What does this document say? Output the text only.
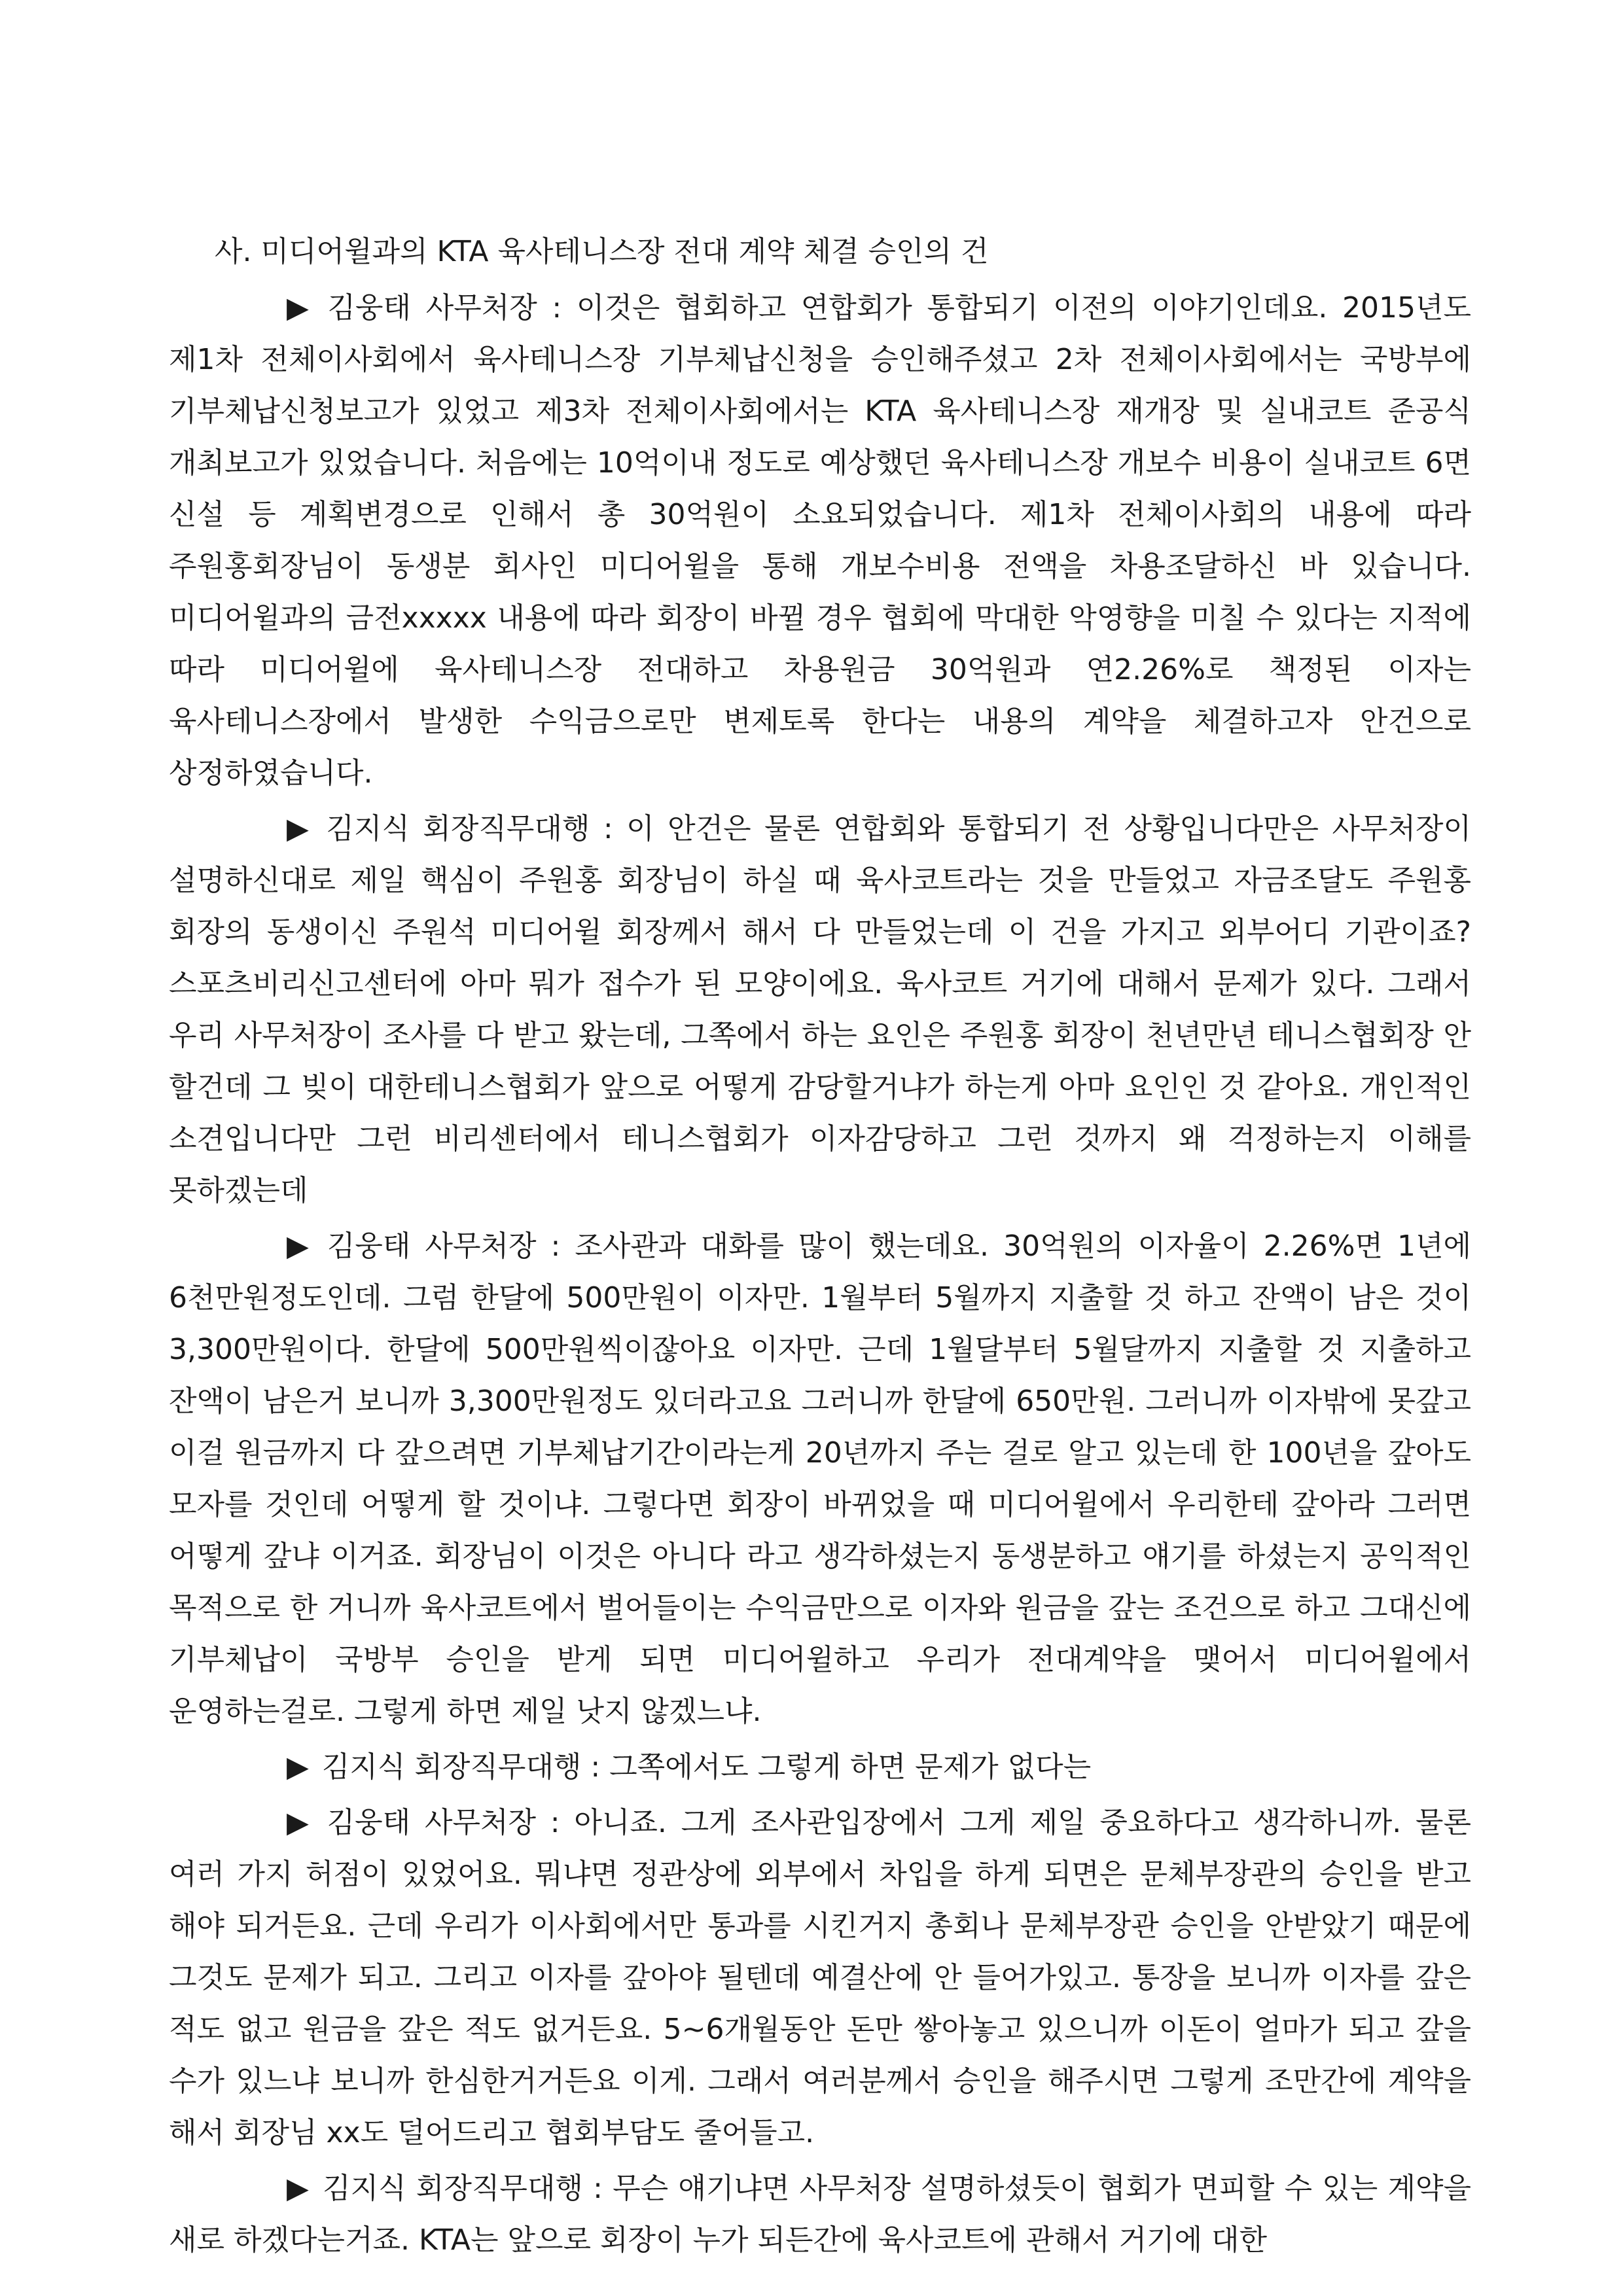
사. 미디어윌과의 KTA 육사테니스장 전대 계약 체결 승인의 건

▶ 김웅태 사무처장 : 이것은 협회하고 연합회가 통합되기 이전의 이야기인데요. 2015년도 제1차 전체이사회에서 육사테니스장 기부체납신청을 승인해주셨고 2차 전체이사회에서는 국방부에 기부체납신청보고가 있었고 제3차 전체이사회에서는 KTA 육사테니스장 재개장 및 실내코트 준공식 개최보고가 있었습니다. 처음에는 10억이내 정도로 예상했던 육사테니스장 개보수 비용이 실내코트 6면 신설 등 계획변경으로 인해서 총 30억원이 소요되었습니다. 제1차 전체이사회의 내용에 따라 주원홍회장님이 동생분 회사인 미디어윌을 통해 개보수비용 전액을 차용조달하신 바 있습니다. 미디어윌과의 금전xxxxx 내용에 따라 회장이 바뀔 경우 협회에 막대한 악영향을 미칠 수 있다는 지적에 따라 미디어윌에 육사테니스장 전대하고 차용원금 30억원과 연2.26%로 책정된 이자는 육사테니스장에서 발생한 수익금으로만 변제토록 한다는 내용의 계약을 체결하고자 안건으로 상정하였습니다.

▶ 김지식 회장직무대행 : 이 안건은 물론 연합회와 통합되기 전 상황입니다만은 사무처장이 설명하신대로 제일 핵심이 주원홍 회장님이 하실 때 육사코트라는 것을 만들었고 자금조달도 주원홍 회장의 동생이신 주원석 미디어윌 회장께서 해서 다 만들었는데 이 건을 가지고 외부어디 기관이죠? 스포츠비리신고센터에 아마 뭐가 접수가 된 모양이에요. 육사코트 거기에 대해서 문제가 있다. 그래서 우리 사무처장이 조사를 다 받고 왔는데, 그쪽에서 하는 요인은 주원홍 회장이 천년만년 테니스협회장 안 할건데 그 빚이 대한테니스협회가 앞으로 어떻게 감당할거냐가 하는게 아마 요인인 것 같아요. 개인적인 소견입니다만 그런 비리센터에서 테니스협회가 이자감당하고 그런 것까지 왜 걱정하는지 이해를 못하겠는데

▶ 김웅태 사무처장 : 조사관과 대화를 많이 했는데요. 30억원의 이자율이 2.26%면 1년에 6천만원정도인데. 그럼 한달에 500만원이 이자만. 1월부터 5월까지 지출할 것 하고 잔액이 남은 것이 3,300만원이다. 한달에 500만원씩이잖아요 이자만. 근데 1월달부터 5월달까지 지출할 것 지출하고 잔액이 남은거 보니까 3,300만원정도 있더라고요 그러니까 한달에 650만원. 그러니까 이자밖에 못갚고 이걸 원금까지 다 갚으려면 기부체납기간이라는게 20년까지 주는 걸로 알고 있는데 한 100년을 갚아도 모자를 것인데 어떻게 할 것이냐. 그렇다면 회장이 바뀌었을 때 미디어윌에서 우리한테 갚아라 그러면 어떻게 갚냐 이거죠. 회장님이 이것은 아니다 라고 생각하셨는지 동생분하고 얘기를 하셨는지 공익적인 목적으로 한 거니까 육사코트에서 벌어들이는 수익금만으로 이자와 원금을 갚는 조건으로 하고 그대신에 기부체납이 국방부 승인을 받게 되면 미디어윌하고 우리가 전대계약을 맺어서 미디어윌에서 운영하는걸로. 그렇게 하면 제일 낫지 않겠느냐.

▶ 김지식 회장직무대행 : 그쪽에서도 그렇게 하면 문제가 없다는

▶ 김웅태 사무처장 : 아니죠. 그게 조사관입장에서 그게 제일 중요하다고 생각하니까. 물론 여러 가지 허점이 있었어요. 뭐냐면 정관상에 외부에서 차입을 하게 되면은 문체부장관의 승인을 받고 해야 되거든요. 근데 우리가 이사회에서만 통과를 시킨거지 총회나 문체부장관 승인을 안받았기 때문에 그것도 문제가 되고. 그리고 이자를 갚아야 될텐데 예결산에 안 들어가있고. 통장을 보니까 이자를 갚은 적도 없고 원금을 갚은 적도 없거든요. 5~6개월동안 돈만 쌓아놓고 있으니까 이돈이 얼마가 되고 갚을 수가 있느냐 보니까 한심한거거든요 이게. 그래서 여러분께서 승인을 해주시면 그렇게 조만간에 계약을 해서 회장님 xx도 덜어드리고 협회부담도 줄어들고.

▶ 김지식 회장직무대행 : 무슨 얘기냐면 사무처장 설명하셨듯이 협회가 면피할 수 있는 계약을 새로 하겠다는거죠. KTA는 앞으로 회장이 누가 되든간에 육사코트에 관해서 거기에 대한
